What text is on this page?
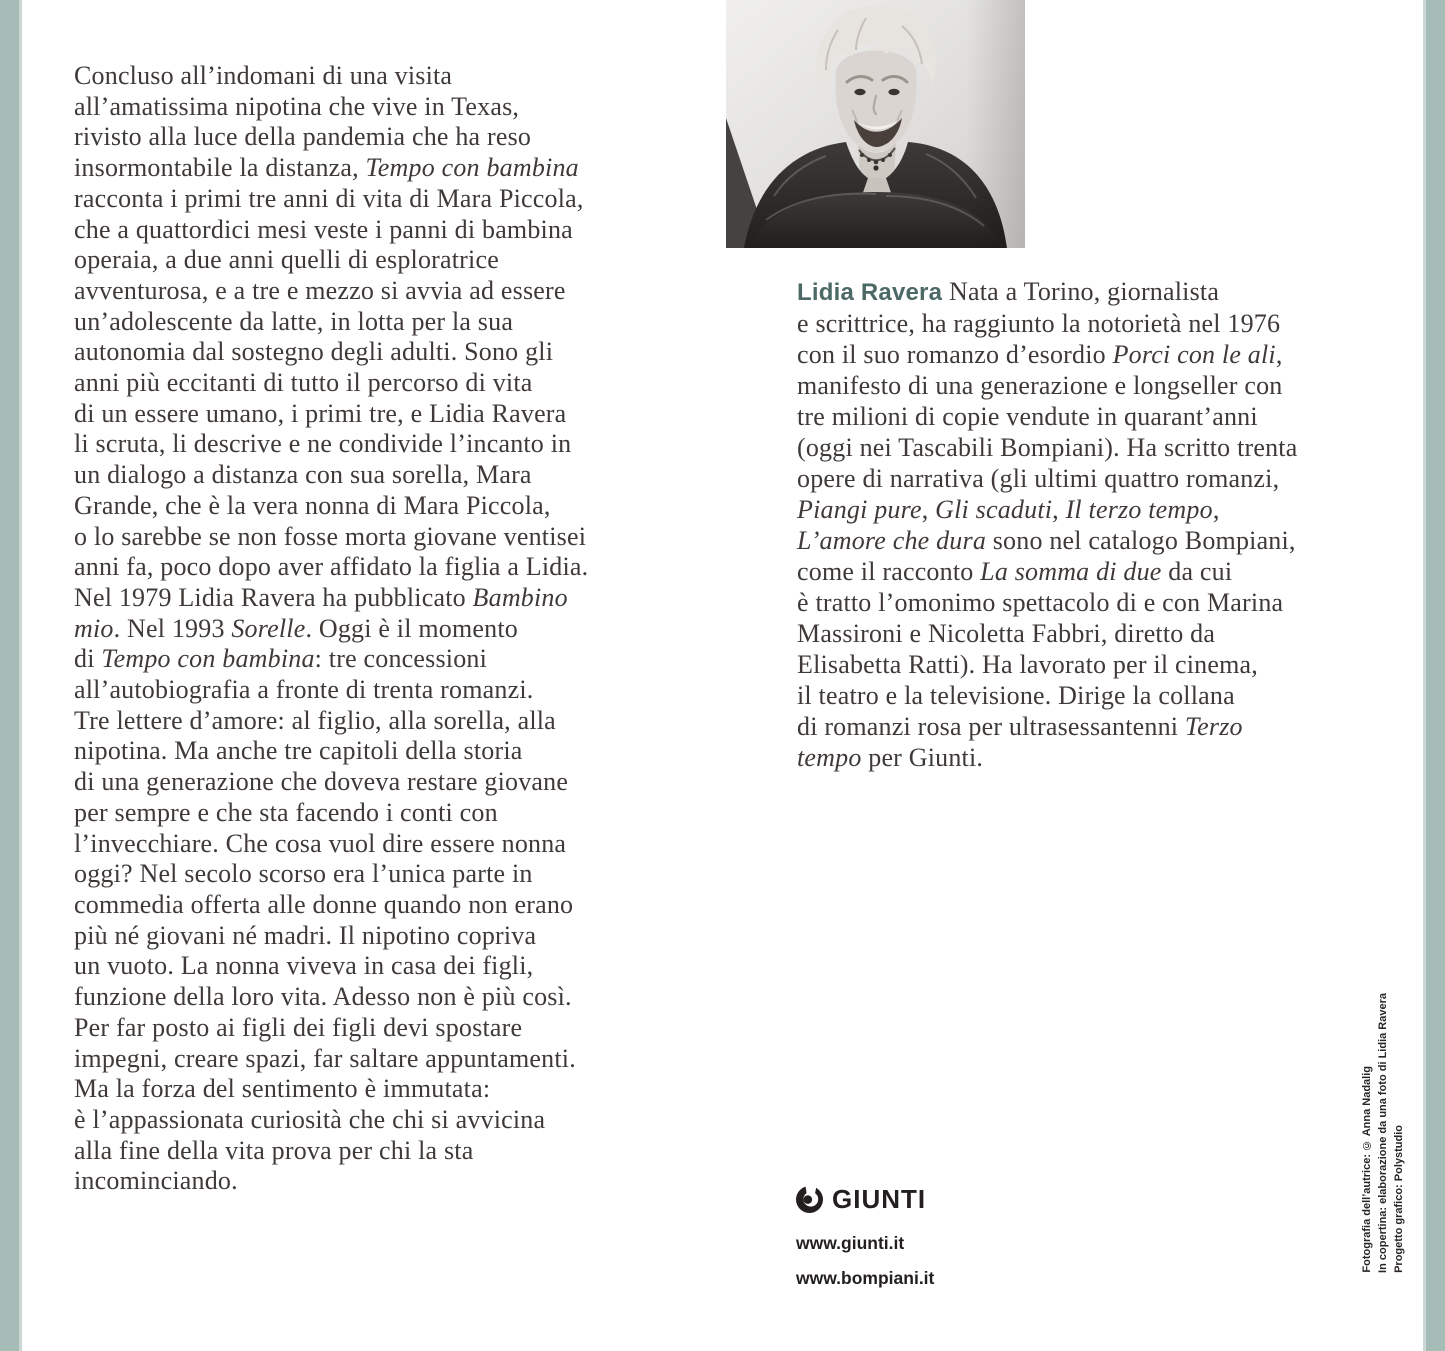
Concluso all’indomani di una visita
all’amatissima nipotina che vive in Texas,
rivisto alla luce della pandemia che ha reso
insormontabile la distanza, Tempo con bambina
racconta i primi tre anni di vita di Mara Piccola,
che a quattordici mesi veste i panni di bambina
operaia, a due anni quelli di esploratrice
avventurosa, e a tre e mezzo si avvia ad essere
un’adolescente da latte, in lotta per la sua
autonomia dal sostegno degli adulti. Sono gli
anni più eccitanti di tutto il percorso di vita
di un essere umano, i primi tre, e Lidia Ravera
li scruta, li descrive e ne condivide l’incanto in
un dialogo a distanza con sua sorella, Mara
Grande, che è la vera nonna di Mara Piccola,
o lo sarebbe se non fosse morta giovane ventisei
anni fa, poco dopo aver affidato la figlia a Lidia.
Nel 1979 Lidia Ravera ha pubblicato Bambino
mio. Nel 1993 Sorelle. Oggi è il momento
di Tempo con bambina: tre concessioni
all’autobiografia a fronte di trenta romanzi.
Tre lettere d’amore: al figlio, alla sorella, alla
nipotina. Ma anche tre capitoli della storia
di una generazione che doveva restare giovane
per sempre e che sta facendo i conti con
l’invecchiare. Che cosa vuol dire essere nonna
oggi? Nel secolo scorso era l’unica parte in
commedia offerta alle donne quando non erano
più né giovani né madri. Il nipotino copriva
un vuoto. La nonna viveva in casa dei figli,
funzione della loro vita. Adesso non è più così.
Per far posto ai figli dei figli devi spostare
impegni, creare spazi, far saltare appuntamenti.
Ma la forza del sentimento è immutata:
è l’appassionata curiosità che chi si avvicina
alla fine della vita prova per chi la sta
incominciando.
Lidia Ravera Nata a Torino, giornalista
e scrittrice, ha raggiunto la notorietà nel 1976
con il suo romanzo d’esordio Porci con le ali,
manifesto di una generazione e longseller con
tre milioni di copie vendute in quarant’anni
(oggi nei Tascabili Bompiani). Ha scritto trenta
opere di narrativa (gli ultimi quattro romanzi,
Piangi pure, Gli scaduti, Il terzo tempo,
L’amore che dura sono nel catalogo Bompiani,
come il racconto La somma di due da cui
è tratto l’omonimo spettacolo di e con Marina
Massironi e Nicoletta Fabbri, diretto da
Elisabetta Ratti). Ha lavorato per il cinema,
il teatro e la televisione. Dirige la collana
di romanzi rosa per ultrasessantenni Terzo
tempo per Giunti.
GIUNTI
www.giunti.it
www.bompiani.it
Fotografia dell’autrice: © Anna Nadalig In copertina: elaborazione da una foto di Lidia Ravera Progetto grafico: Polystudio
